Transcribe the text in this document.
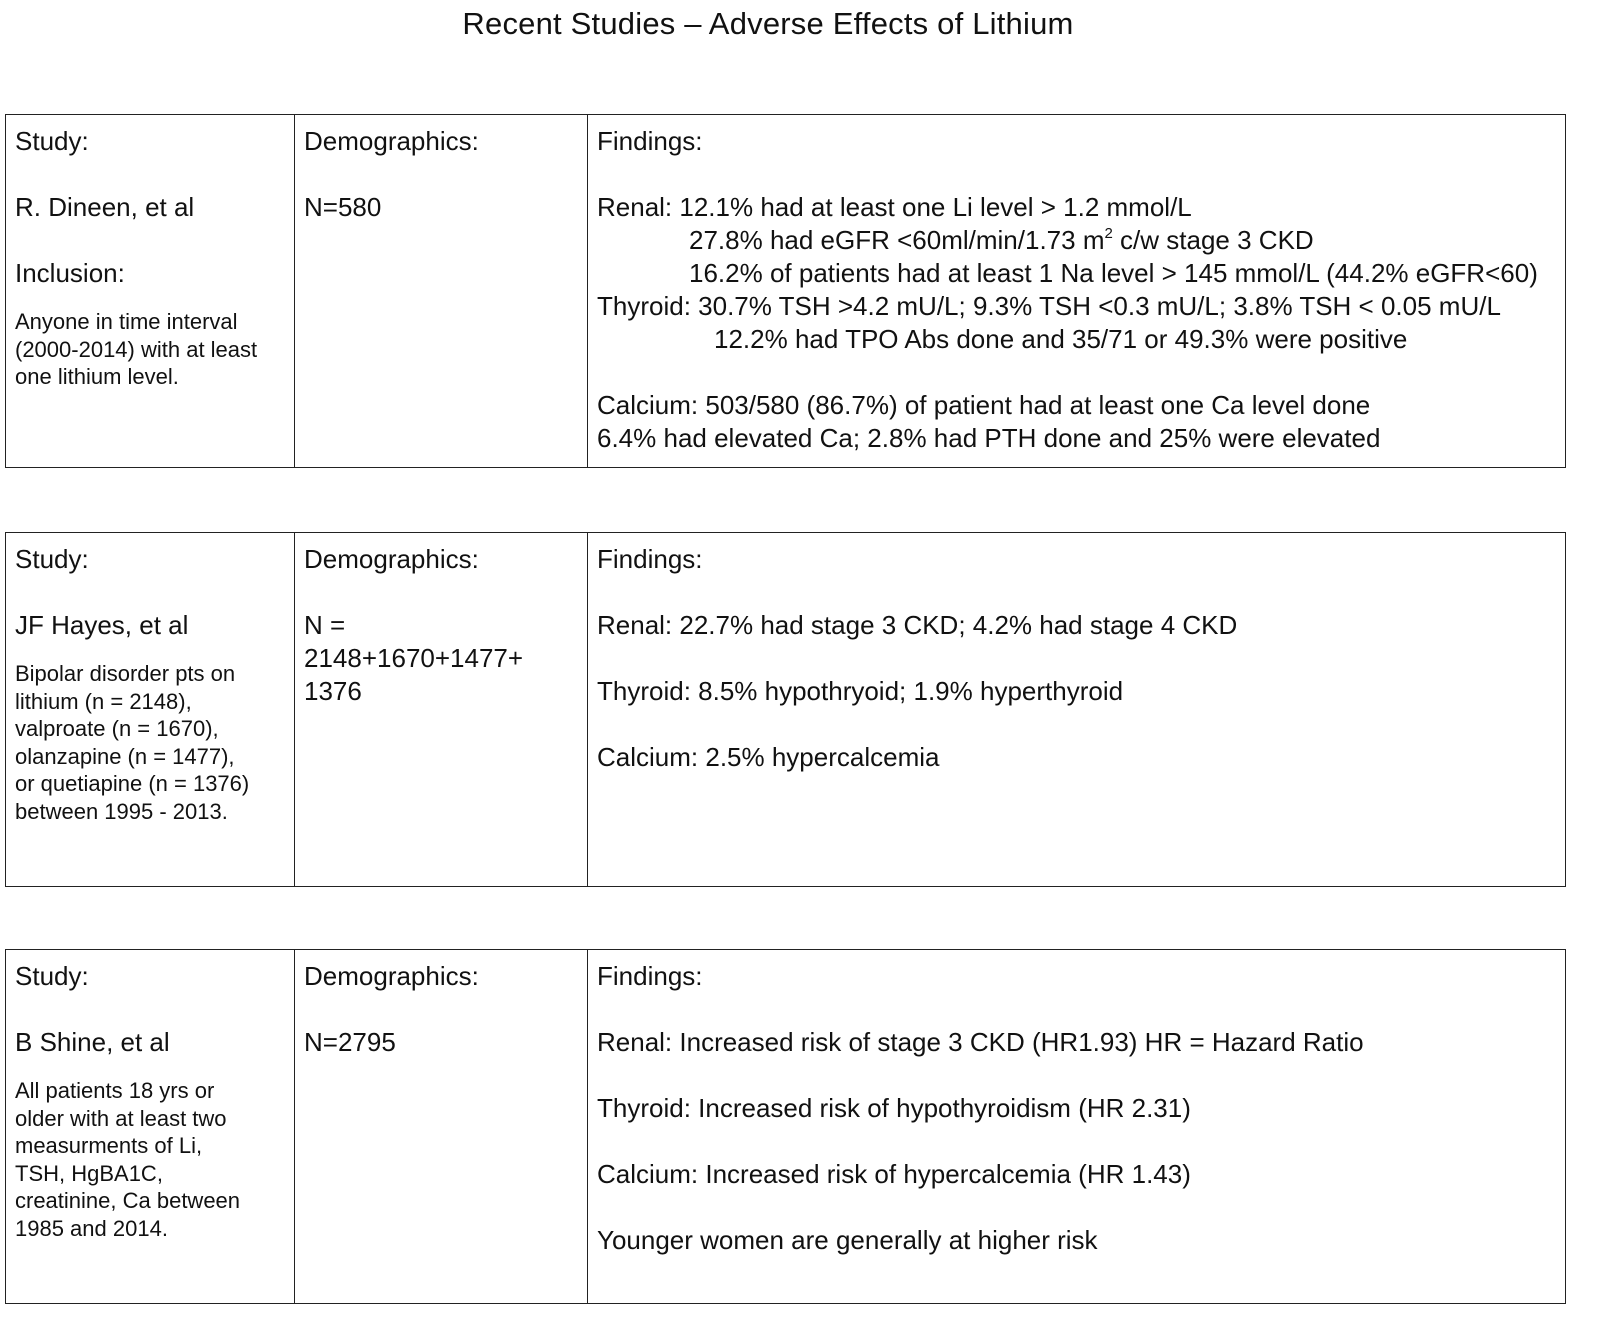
Recent Studies – Adverse Effects of Lithium
Study:
R. Dineen, et al
Inclusion:
Anyone in time interval
(2000-2014) with at least
one lithium level.

Demographics:
N=580

Findings:
Renal: 12.1% had at least one Li level > 1.2 mmol/L
27.8% had eGFR <60ml/min/1.73 $m^2$ c/w stage 3 CKD
16.2% of patients had at least 1 Na level > 145 mmol/L (44.2% eGFR<60)
Thyroid: 30.7% TSH >4.2 mU/L; 9.3% TSH <0.3 mU/L; 3.8% TSH < 0.05 mU/L
12.2% had TPO Abs done and 35/71 or 49.3% were positive
Calcium: 503/580 (86.7%) of patient had at least one Ca level done
6.4% had elevated Ca; 2.8% had PTH done and 25% were elevated
Study:
JF Hayes, et al
Bipolar disorder pts on
lithium (n = 2148),
valproate (n = 1670),
olanzapine (n = 1477),
or quetiapine (n = 1376)
between 1995 - 2013.

Demographics:
N =
2148+1670+1477+
1376

Findings:
Renal: 22.7% had stage 3 CKD; 4.2% had stage 4 CKD
Thyroid: 8.5% hypothryoid; 1.9% hyperthyroid
Calcium: 2.5% hypercalcemia
Study:
B Shine, et al
All patients 18 yrs or
older with at least two
measurments of Li,
TSH, HgBA1C,
creatinine, Ca between
1985 and 2014.

Demographics:
N=2795

Findings:
Renal: Increased risk of stage 3 CKD (HR1.93) HR = Hazard Ratio
Thyroid: Increased risk of hypothyroidism (HR 2.31)
Calcium: Increased risk of hypercalcemia (HR 1.43)
Younger women are generally at higher risk
